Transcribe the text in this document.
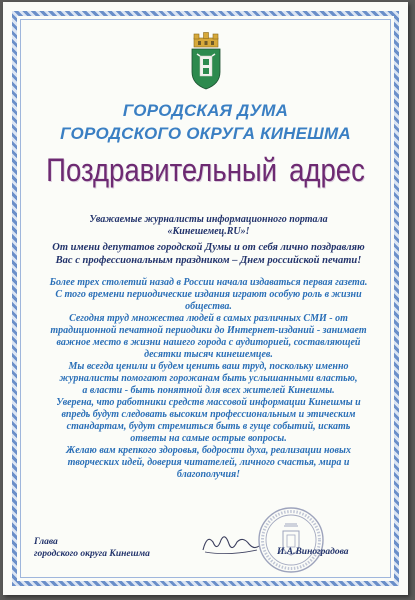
ГОРОДСКАЯ ДУМА
ГОРОДСКОГО ОКРУГА КИНЕШМА
Поздравительный адрес
Уважаемые журналисты информационного портала
«Кинешемец.RU»!
От имени депутатов городской Думы и от себя лично поздравляю
Вас с профессиональным праздником – Днем российской печати!
Более трех столетий назад в России начала издаваться первая газета.
С того времени периодические издания играют особую роль в жизни
общества.
Сегодня труд множества людей в самых различных СМИ - от
традиционной печатной периодики до Интернет-изданий - занимает
важное место в жизни нашего города с аудиторией, составляющей
десятки тысяч кинешемцев.
Мы всегда ценили и будем ценить ваш труд, поскольку именно
журналисты помогают горожанам быть услышанными властью,
а власти - быть понятной для всех жителей Кинешмы.
Уверена, что работники средств массовой информации Кинешмы и
впредь будут следовать высоким профессиональным и этическим
стандартам, будут стремиться быть в гуще событий, искать
ответы на самые острые вопросы.
Желаю вам крепкого здоровья, бодрости духа, реализации новых
творческих идей, доверия читателей, личного счастья, мира и
благополучия!
Глава
городского округа Кинешма	И.А.Виноградова
